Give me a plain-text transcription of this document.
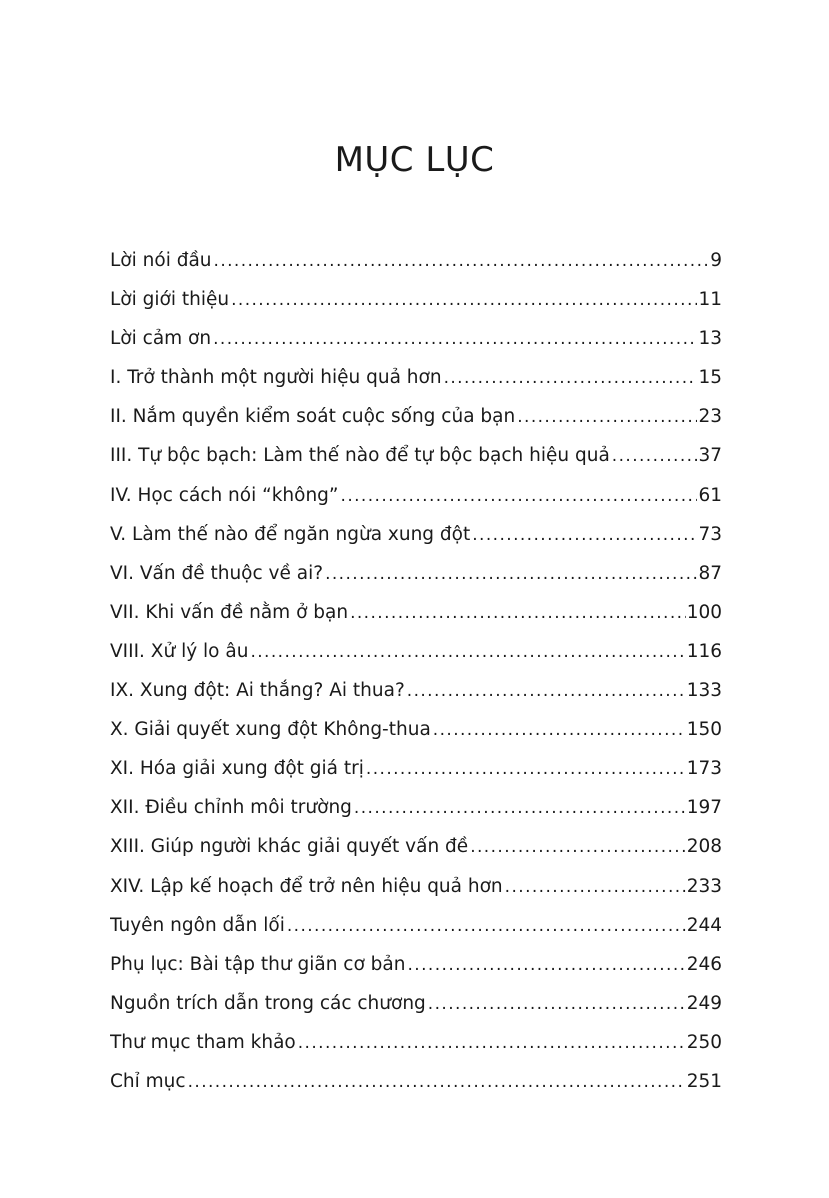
MỤC LỤC
Lời nói đầu .....	9
Lời giới thiệu .....	11
Lời cảm ơn .....	13
I. Trở thành một người hiệu quả hơn .....	15
II. Nắm quyền kiểm soát cuộc sống của bạn .....	23
III. Tự bộc bạch: Làm thế nào để tự bộc bạch hiệu quả .....	37
IV. Học cách nói “không” .....	61
V. Làm thế nào để ngăn ngừa xung đột .....	73
VI. Vấn đề thuộc về ai? .....	87
VII. Khi vấn đề nằm ở bạn .....	100
VIII. Xử lý lo âu .....	116
IX. Xung đột: Ai thắng? Ai thua? .....	133
X. Giải quyết xung đột Không-thua .....	150
XI. Hóa giải xung đột giá trị .....	173
XII. Điều chỉnh môi trường .....	197
XIII. Giúp người khác giải quyết vấn đề .....	208
XIV. Lập kế hoạch để trở nên hiệu quả hơn .....	233
Tuyên ngôn dẫn lối .....	244
Phụ lục: Bài tập thư giãn cơ bản .....	246
Nguồn trích dẫn trong các chương .....	249
Thư mục tham khảo .....	250
Chỉ mục .....	251
